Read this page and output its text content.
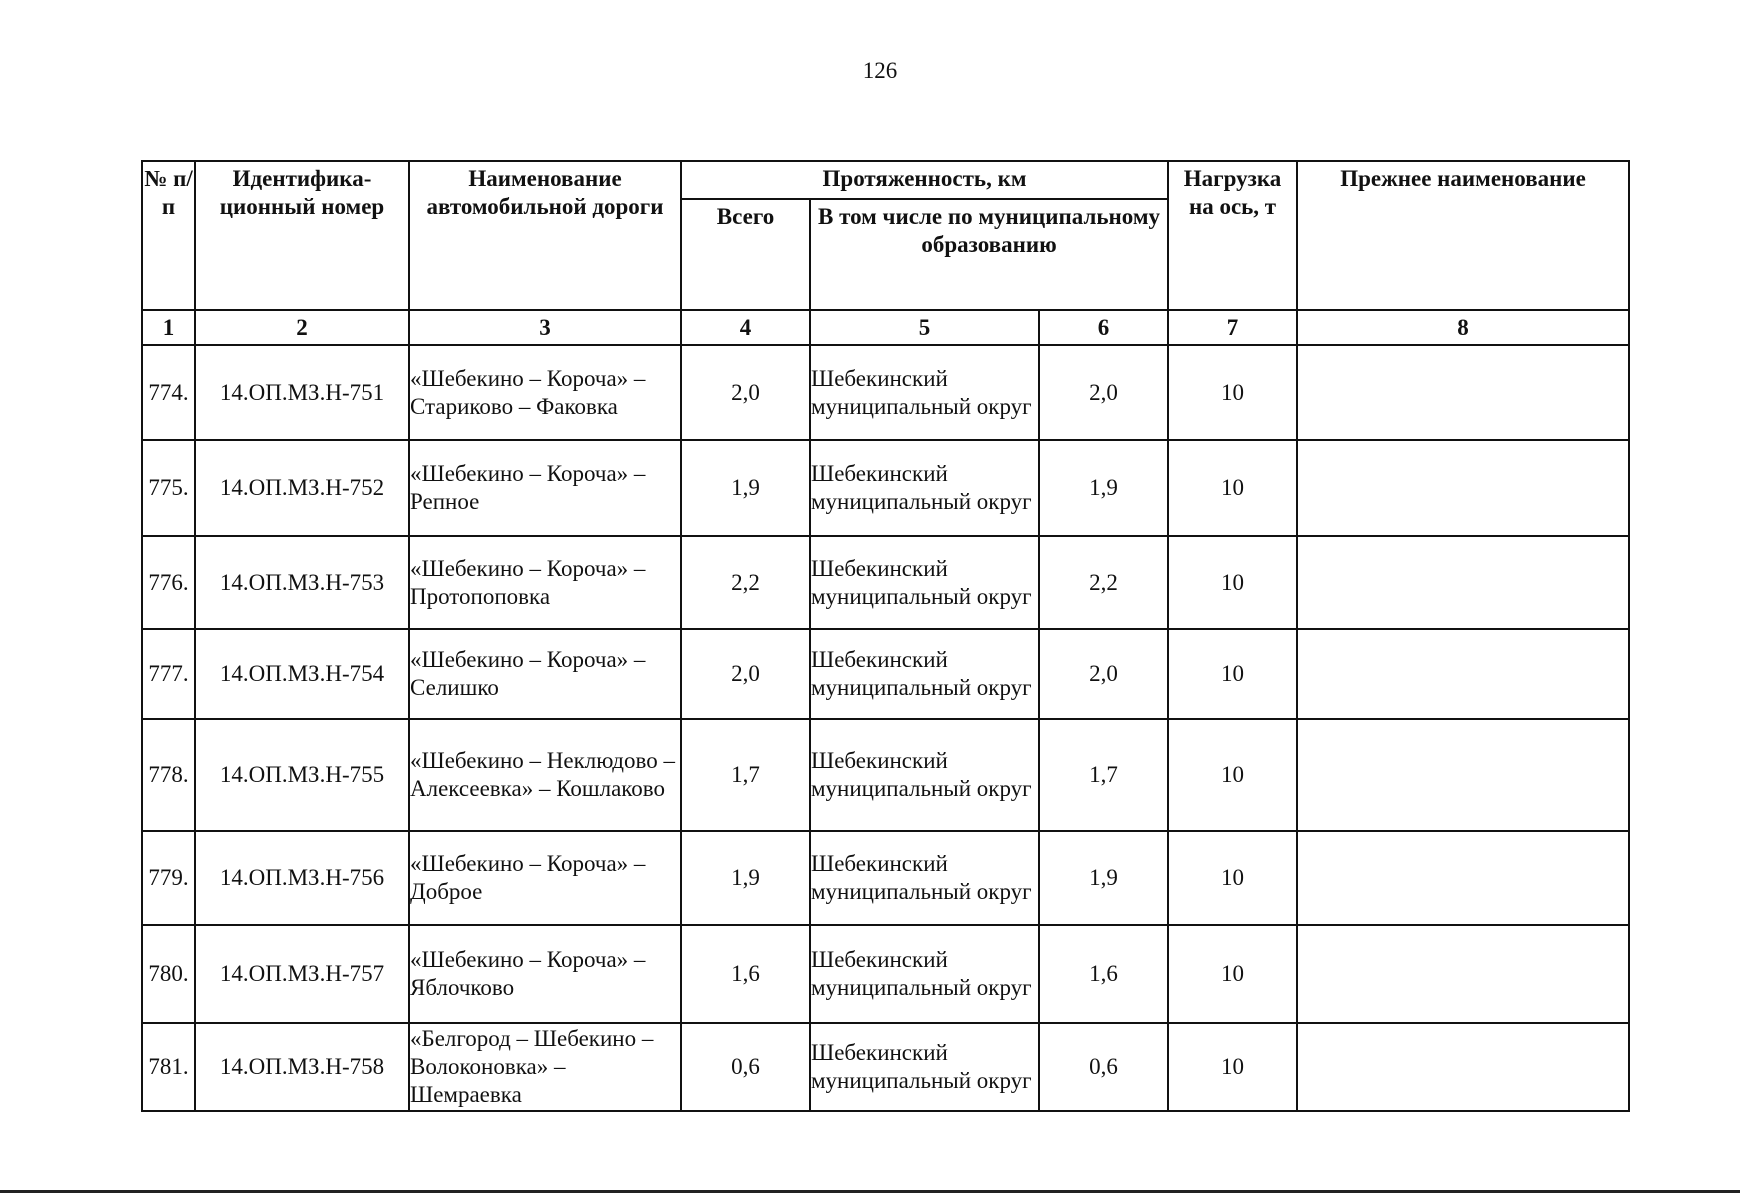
126
№ п/п	Идентифика-ционный номер	Наименование автомобильной дороги	Протяженность, км			Нагрузка на ось, т	Прежнее наименование
			Всего	В том числе по муниципальному образованию			
1	2	3	4	5	6	7	8
774.	14.ОП.МЗ.Н-751	«Шебекино – Короча» – Стариково – Факовка	2,0	Шебекинский муниципальный округ	2,0	10	
775.	14.ОП.МЗ.Н-752	«Шебекино – Короча» – Репное	1,9	Шебекинский муниципальный округ	1,9	10	
776.	14.ОП.МЗ.Н-753	«Шебекино – Короча» – Протопоповка	2,2	Шебекинский муниципальный округ	2,2	10	
777.	14.ОП.МЗ.Н-754	«Шебекино – Короча» – Селишко	2,0	Шебекинский муниципальный округ	2,0	10	
778.	14.ОП.МЗ.Н-755	«Шебекино – Неклюдово – Алексеевка» – Кошлаково	1,7	Шебекинский муниципальный округ	1,7	10	
779.	14.ОП.МЗ.Н-756	«Шебекино – Короча» – Доброе	1,9	Шебекинский муниципальный округ	1,9	10	
780.	14.ОП.МЗ.Н-757	«Шебекино – Короча» – Яблочково	1,6	Шебекинский муниципальный округ	1,6	10	
781.	14.ОП.МЗ.Н-758	«Белгород – Шебекино – Волоконовка» – Шемраевка	0,6	Шебекинский муниципальный округ	0,6	10	
